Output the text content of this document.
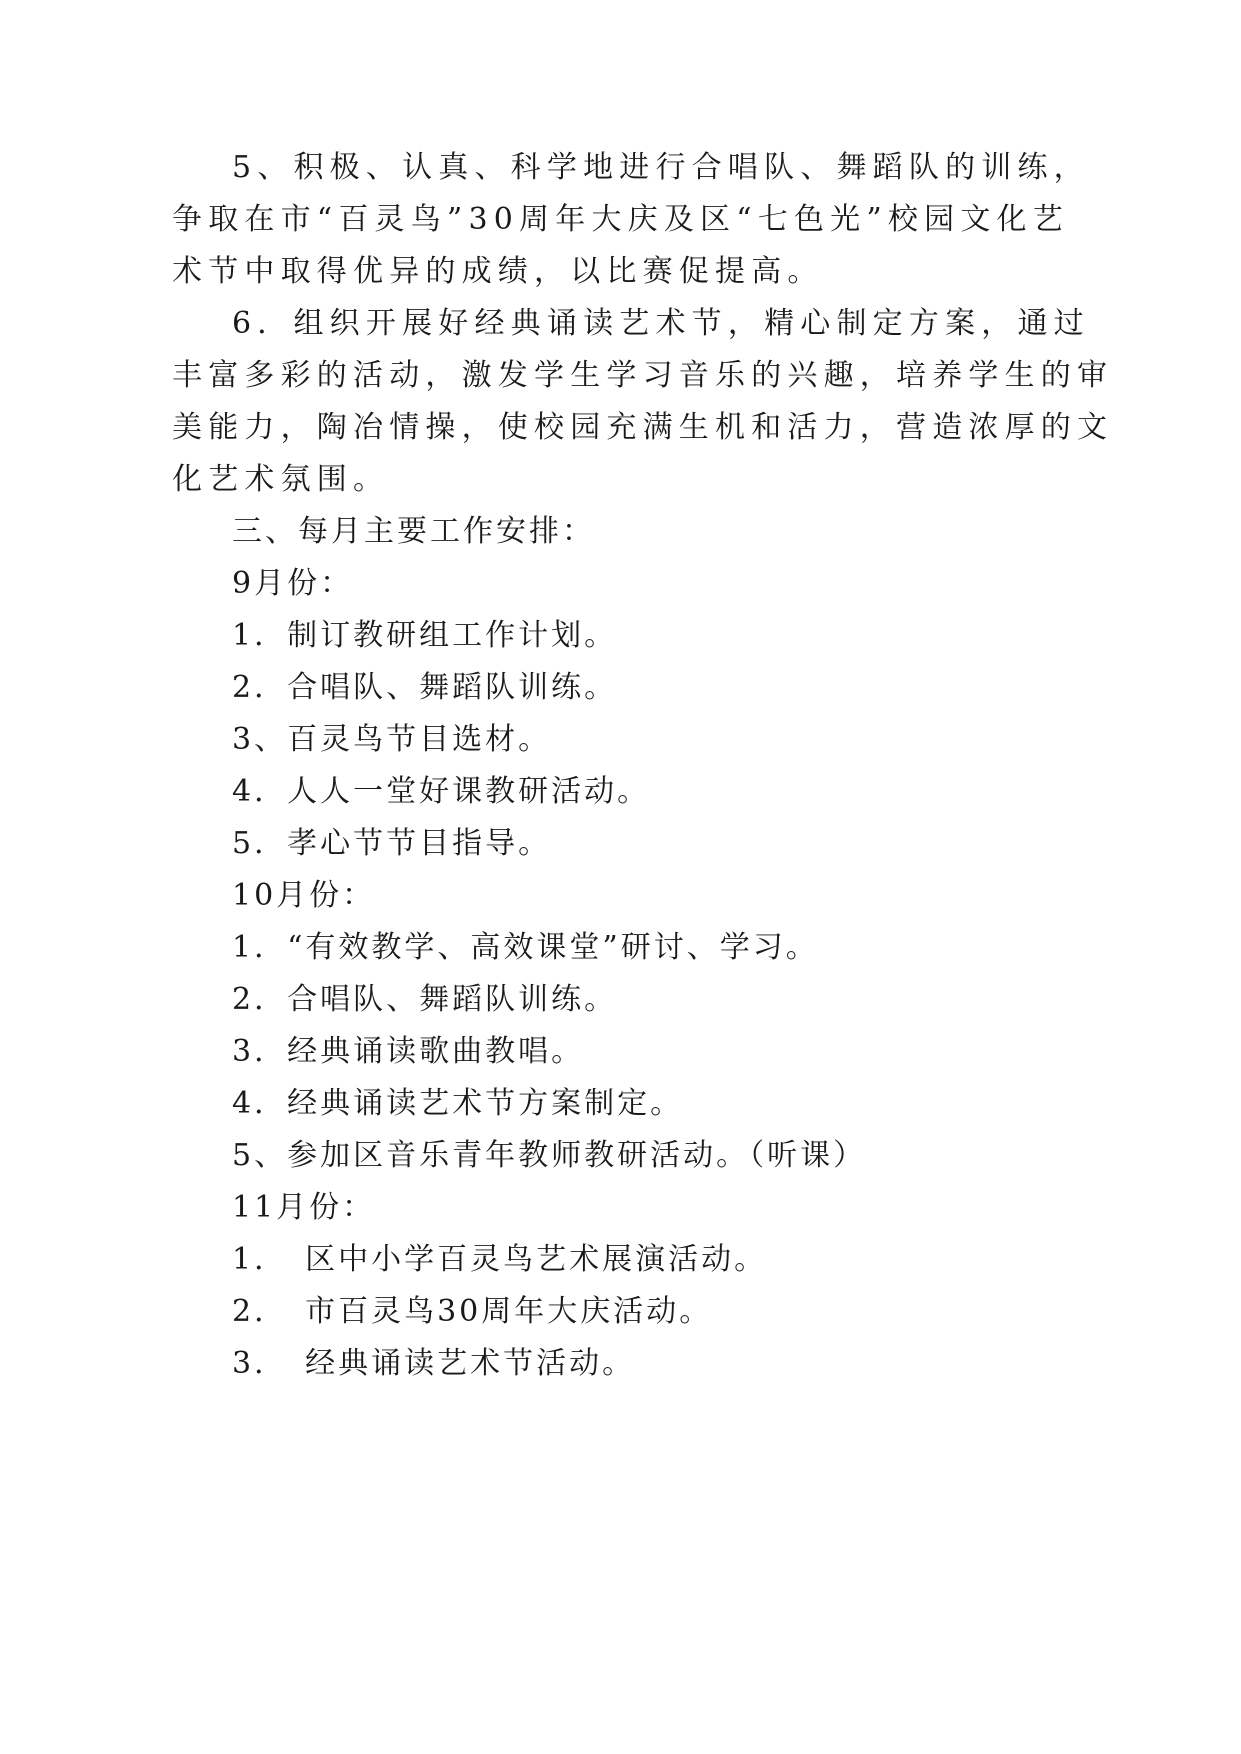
5、积极、认真、科学地进行合唱队、舞蹈队的训练，
争取在市“百灵鸟”30周年大庆及区“七色光”校园文化艺
术节中取得优异的成绩，以比赛促提高。
6．组织开展好经典诵读艺术节，精心制定方案，通过
丰富多彩的活动，激发学生学习音乐的兴趣，培养学生的审
美能力，陶冶情操，使校园充满生机和活力，营造浓厚的文
化艺术氛围。
三、每月主要工作安排：
9月份：
1．制订教研组工作计划。
2．合唱队、舞蹈队训练。
3、百灵鸟节目选材。
4．人人一堂好课教研活动。
5．孝心节节目指导。
10月份：
1．“有效教学、高效课堂”研讨、学习。
2．合唱队、舞蹈队训练。
3．经典诵读歌曲教唱。
4．经典诵读艺术节方案制定。
5、参加区音乐青年教师教研活动。（听课）
11月份：
1．　区中小学百灵鸟艺术展演活动。
2．　市百灵鸟30周年大庆活动。
3．　经典诵读艺术节活动。
